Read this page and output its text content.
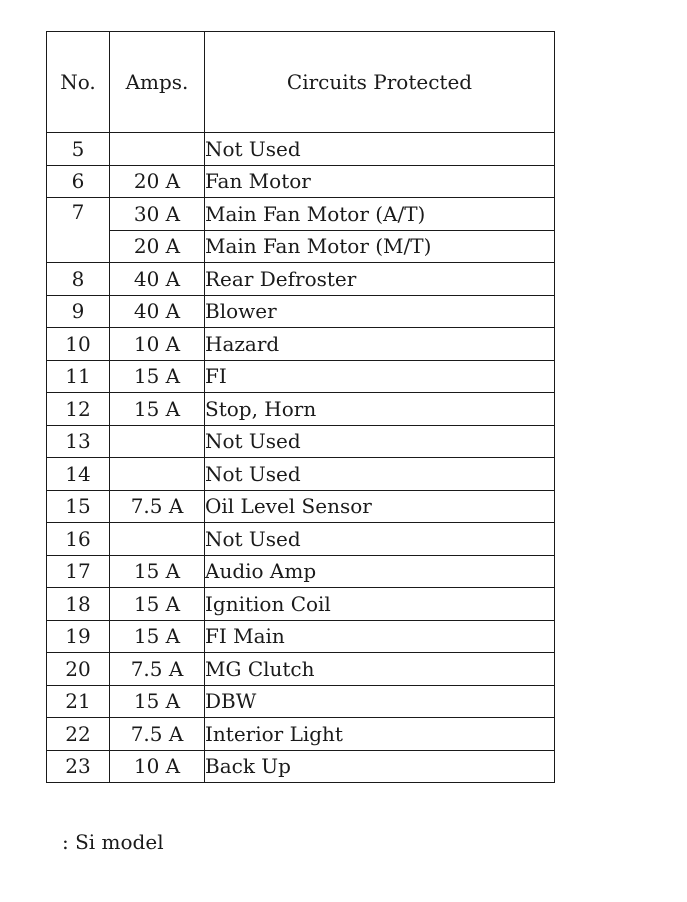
No.	Amps.	Circuits Protected
5		Not Used
6	20 A	Fan Motor
7	30 A	Main Fan Motor (A/T)
	20 A	Main Fan Motor (M/T)
8	40 A	Rear Defroster
9	40 A	Blower
10	10 A	Hazard
11	15 A	FI
12	15 A	Stop, Horn
13		Not Used
14		Not Used
15	7.5 A	Oil Level Sensor
16		Not Used
17	15 A	Audio Amp
18	15 A	Ignition Coil
19	15 A	FI Main
20	7.5 A	MG Clutch
21	15 A	DBW
22	7.5 A	Interior Light
23	10 A	Back Up
: Si model
